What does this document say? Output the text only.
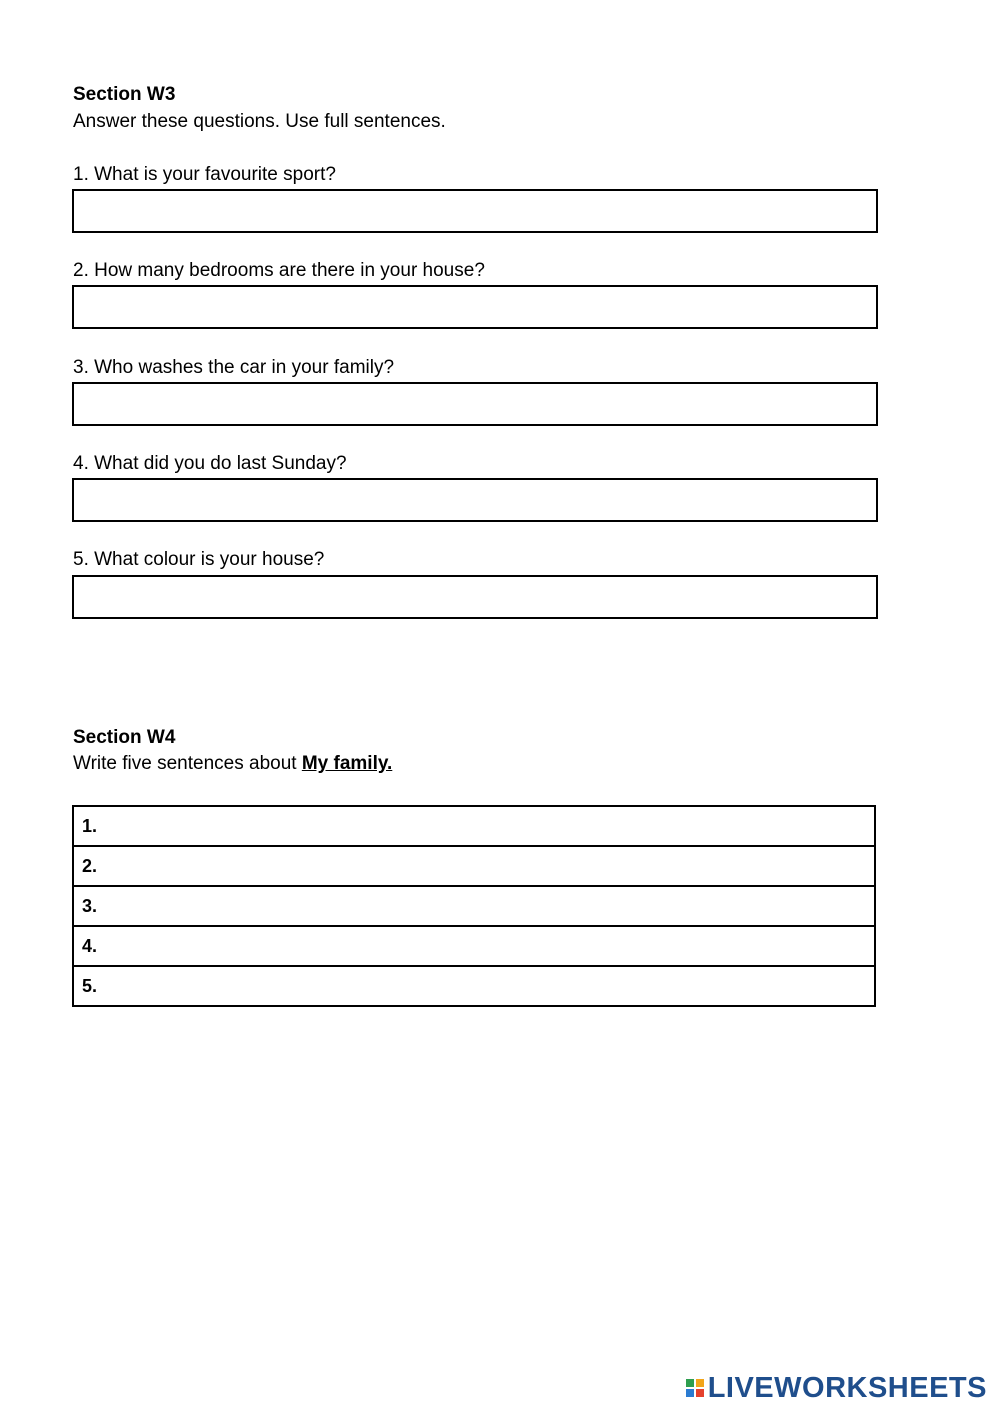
Section W3
Answer these questions. Use full sentences.
1. What is your favourite sport?
2. How many bedrooms are there in your house?
3. Who washes the car in your family?
4. What did you do last Sunday?
5. What colour is your house?
Section W4
Write five sentences about My family.
1.
2.
3.
4.
5.
LIVEWORKSHEETS
